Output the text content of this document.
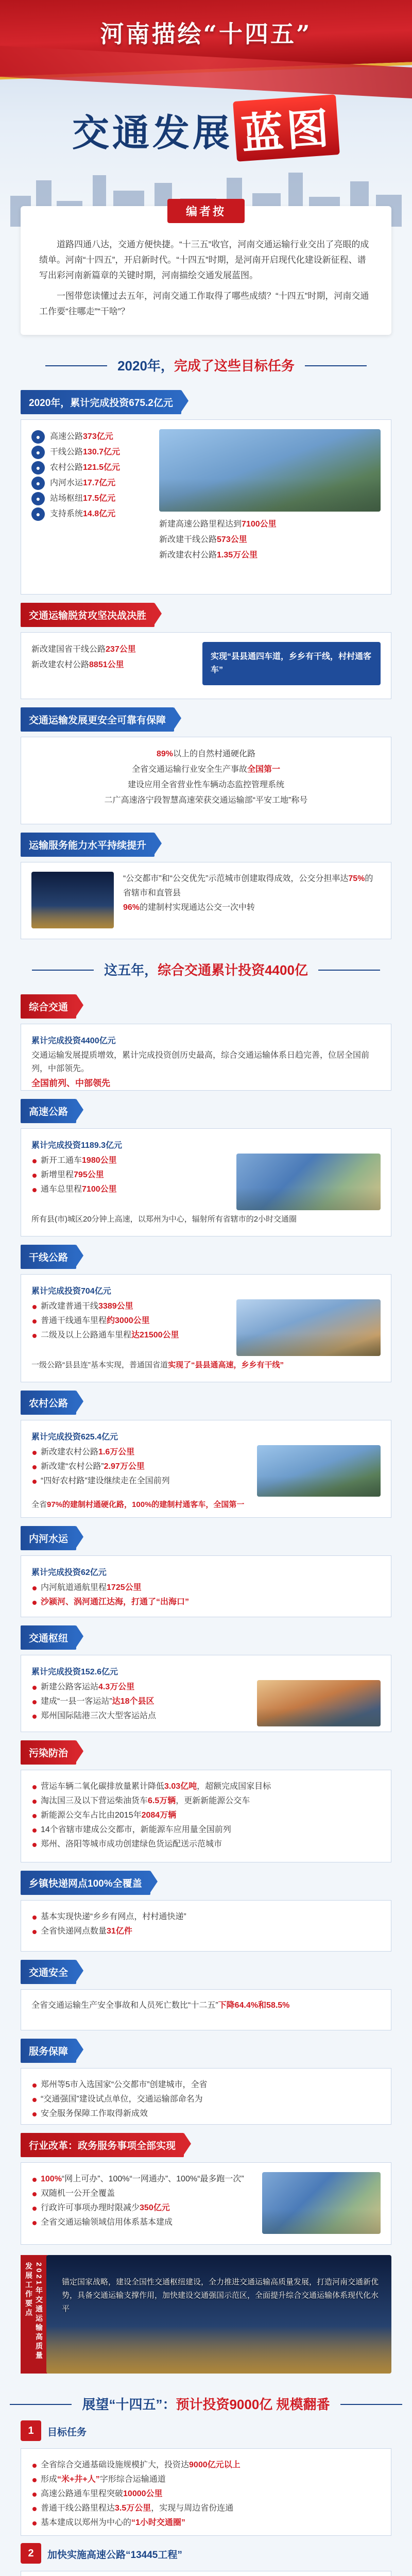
河南描绘“十四五”
交通发展 蓝图
编者按

道路四通八达，交通方便快捷。“十三五”收官，河南交通运输行业交出了亮眼的成绩单。河南“十四五”，开启新时代。“十四五”时期，是河南开启现代化建设新征程、谱写出彩河南新篇章的关键时期，河南描绘交通发展蓝图。

一图带您读懂过去五年，河南交通工作取得了哪些成绩？“十四五”时期，河南交通工作要“往哪走”“干啥”？

2020年，完成了这些目标任务
2020年，累计完成投资675.2亿元
●	高速公路 373亿元
●	干线公路 130.7亿元
●	农村公路 121.5亿元
●	内河水运 17.7亿元
●	站场枢纽 17.5亿元
●	支持系统 14.8亿元
新建高速公路里程达到 7100公里
新改建干线公路 573公里
新改建农村公路 1.35万公里
交通运输脱贫攻坚决战决胜
新改建国省干线公路 237公里
新改建农村公路 8851公里
实现“县县通四车道，乡乡有干线，村村通客车”
交通运输发展更安全可靠有保障
89% 以上的自然村通硬化路
全省交通运输行业安全生产事故 全国第一
建设应用全省营业性车辆动态监控管理系统
二广高速洛宁段 智慧高速荣获交通运输部“平安工地”称号
运输服务能力水平持续提升
“公交都市”和“公交优先”示范城市创建取得成效，公交分担率达75%的省辖市和直管县
96%的建制村实现通达公交一次中转
这五年，综合交通累计投资4400亿
综合交通
累计完成投资4400亿元
交通运输发展提质增效，累计完成投资创历史最高，综合交通运输体系日趋完善，位居全国前列，中部领先。
全国前列、中部领先
高速公路
累计完成投资1189.3亿元
新开工通车1980公里
新增里程795公里
通车总里程7100公里
所有县(市)城区20分钟上高速，以郑州为中心，辐射所有省辖市的2小时交通圈
干线公路
累计完成投资704亿元
新改建普通干线3389公里
普通干线通车里程约3000公里
二级及以上公路通车里程达21500公里
一级公路“县县连”基本实现，普通国省道实现了“县县通高速，乡乡有干线”
农村公路
累计完成投资625.4亿元
新改建农村公路1.6万公里
新改建“农村公路”2.97万公里
“四好农村路”建设继续走在全国前列
全省97%的建制村通硬化路，100%的建制村通客车，全国第一
内河水运
累计完成投资62亿元
内河航道通航里程1725公里
沙颍河、涡河通江达海，打通了“出海口”
交通枢纽
累计完成投资152.6亿元
新建公路客运站4.3万公里
建成“一县一客运站”达18个县区
郑州国际陆港三次大型客运站点
污染防治
营运车辆二氧化碳排放量累计降低3.03亿吨，超额完成国家目标
淘汰国三及以下营运柴油货车6.5万辆，更新新能源公交车
新能源公交车占比由2015年2084万辆
14个省辖市建成公交都市，新能源车应用量全国前列
郑州、洛阳等城市成功创建绿色货运配送示范城市
乡镇快递网点100%全覆盖
基本实现快递“乡乡有网点，村村通快递”
全省快递网点数量31亿件
交通安全
全省交通运输生产安全事故和人员死亡数比“十二五”下降64.4%和58.5%
服务保障
郑州等5市入选国家“公交都市”创建城市，全省
“交通强国”建设试点单位，交通运输部命名为
安全服务保障工作取得新成效
行业改革：政务服务事项全部实现
100%“网上可办”、100%“一网通办”、100%“最多跑一次”
双随机一公开全覆盖
行政许可事项办理时限减少350亿元
全省交通运输领域信用体系基本建成
2021年交通运输高质量发展工作要点	锚定国家战略，建设全国性交通枢纽建设，全力推进交通运输高质量发展，打造河南交通新优势，具备交通运输支撑作用，加快建设交通强国示范区，全面提升综合交通运输体系现代化水平
展望“十四五”：预计投资9000亿 规模翻番
1	目标任务
全省综合交通基础设施规模扩大，投资达9000亿元以上
形成“米+井+人”字形综合运输通道
高速公路通车里程突破10000公里
普通干线公路里程达3.5万公里，实现与周边省份连通
基本建成以郑州为中心的“1小时交通圈”
2	加快实施高速公路“13445工程”
